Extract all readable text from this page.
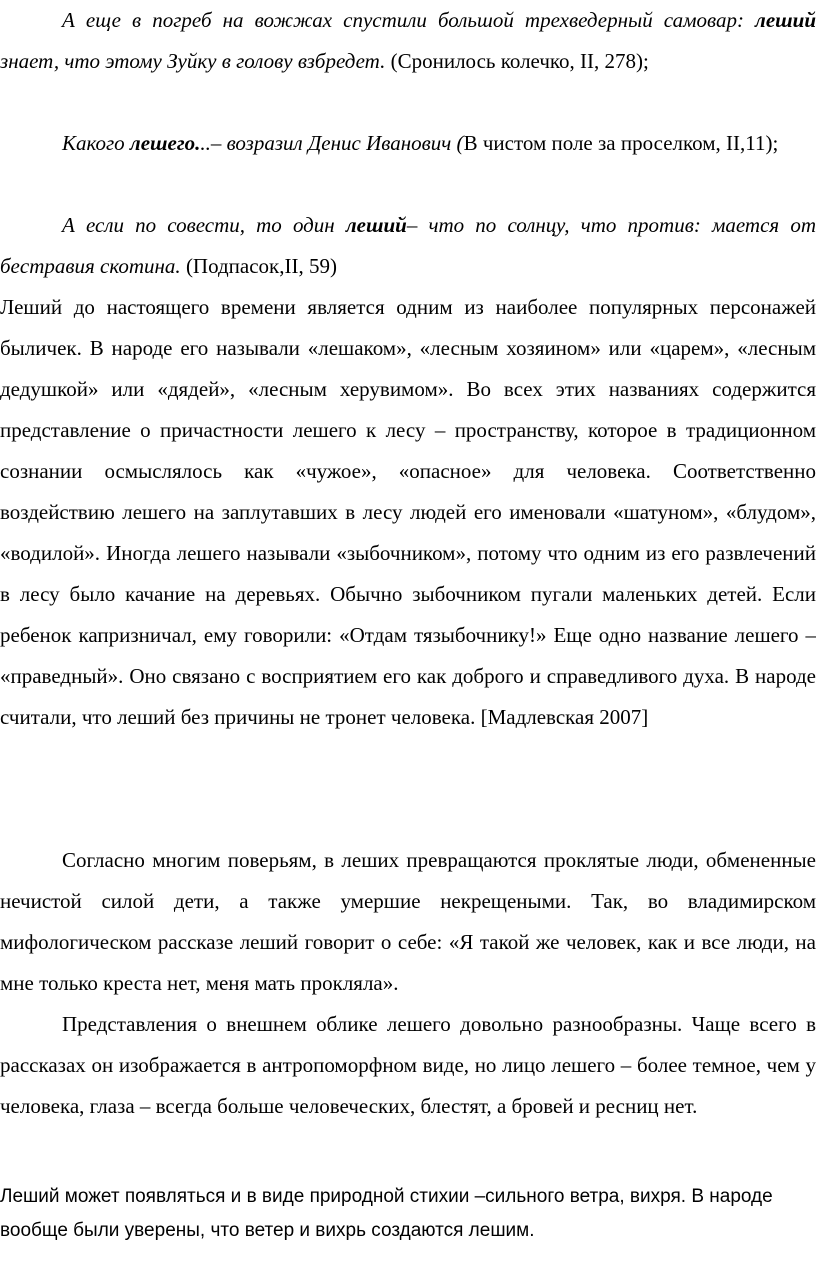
А еще в погреб на вожжах спустили большой трехведерный самовар: леший знает, что этому Зуйку в голову взбредет. (Сронилось колечко, II, 278);

Какого лешего...– возразил Денис Иванович (В чистом поле за проселком, II,11);

А если по совести, то один леший– что по солнцу, что против: мается от беcтравия скотина. (Подпасок,II, 59)

Леший до настоящего времени является одним из наиболее популярных персонажей быличек. В народе его называли «лешаком», «лесным хозяином» или «царем», «лесным дедушкой» или «дядей», «лесным херувимом». Во всех этих названиях содержится представление о причастности лешего к лесу – пространству, которое в традиционном сознании осмыслялось как «чужое», «опасное» для человека. Соответственно воздействию лешего на заплутавших в лесу людей его именовали «шатуном», «блудом», «водилой». Иногда лешего называли «зыбочником», потому что одним из его развлечений в лесу было качание на деревьях. Обычно зыбочником пугали маленьких детей. Если ребенок капризничал, ему говорили: «Отдам тязыбочнику!» Еще одно название лешего – «праведный». Оно связано с восприятием его как доброго и справедливого духа. В народе считали, что леший без причины не тронет человека. [Мадлевская 2007]

Согласно многим поверьям, в леших превращаются проклятые люди, обмененные нечистой силой дети, а также умершие некрещеными. Так, во владимирском мифологическом рассказе леший говорит о себе: «Я такой же человек, как и все люди, на мне только креста нет, меня мать прокляла».

Представления о внешнем облике лешего довольно разнообразны. Чаще всего в рассказах он изображается в антропоморфном виде, но лицо лешего – более темное, чем у человека, глаза – всегда больше человеческих, блестят, а бровей и ресниц нет.

Леший может появляться и в виде природной стихии –сильного ветра, вихря. В народе вообще были уверены, что ветер и вихрь создаются лешим.
